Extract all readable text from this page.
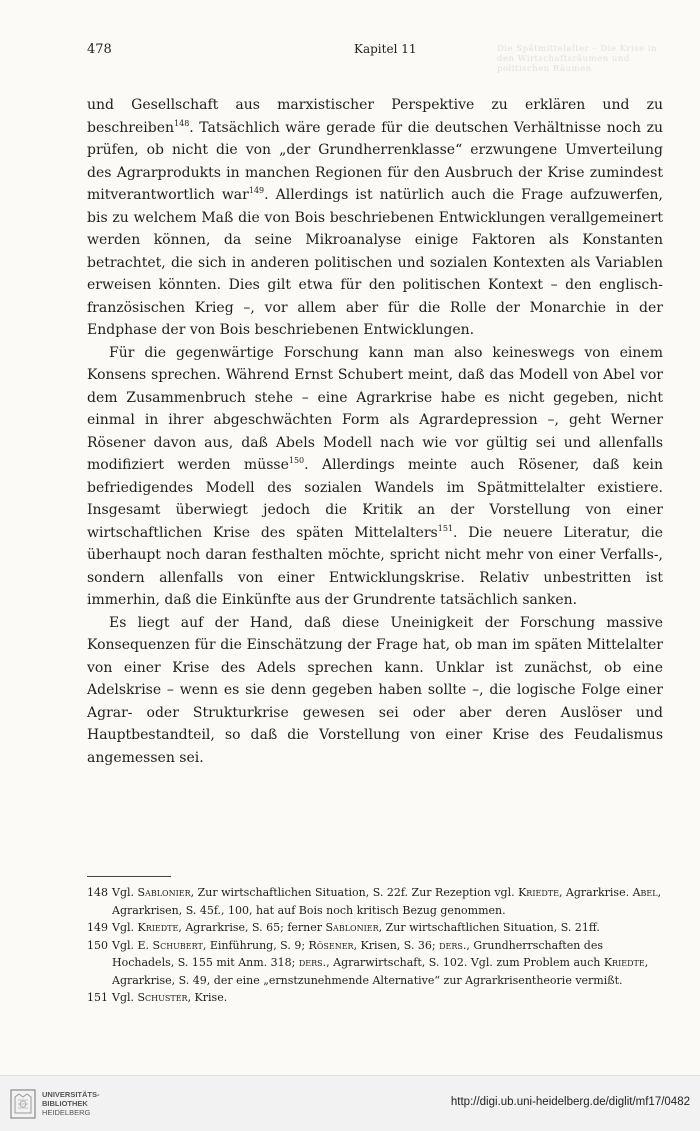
478	Kapitel 11	Die Spätmittelalter – Die Krise in den Wirtschaftsräumen und politischen Räumen

und Gesellschaft aus marxistischer Perspektive zu erklären und zu beschreiben$^{148}$. Tatsächlich wäre gerade für die deutschen Verhältnisse noch zu prüfen, ob nicht die von „der Grundherrenklasse“ erzwungene Umverteilung des Agrarprodukts in manchen Regionen für den Ausbruch der Krise zumindest mitverantwortlich war$^{149}$. Allerdings ist natürlich auch die Frage aufzuwerfen, bis zu welchem Maß die von Bois beschriebenen Entwicklungen verallgemeinert werden können, da seine Mikroanalyse einige Faktoren als Konstanten betrachtet, die sich in anderen politischen und sozialen Kontexten als Variablen erweisen könnten. Dies gilt etwa für den politischen Kontext – den englisch-französischen Krieg –, vor allem aber für die Rolle der Monarchie in der Endphase der von Bois beschriebenen Entwicklungen.

Für die gegenwärtige Forschung kann man also keineswegs von einem Konsens sprechen. Während Ernst Schubert meint, daß das Modell von Abel vor dem Zusammenbruch stehe – eine Agrarkrise habe es nicht gegeben, nicht einmal in ihrer abgeschwächten Form als Agrardepression –, geht Werner Rösener davon aus, daß Abels Modell nach wie vor gültig sei und allenfalls modifiziert werden müsse$^{150}$. Allerdings meinte auch Rösener, daß kein befriedigendes Modell des sozialen Wandels im Spätmittelalter existiere. Insgesamt überwiegt jedoch die Kritik an der Vorstellung von einer wirtschaftlichen Krise des späten Mittelalters$^{151}$. Die neuere Literatur, die überhaupt noch daran festhalten möchte, spricht nicht mehr von einer Verfalls-, sondern allenfalls von einer Entwicklungskrise. Relativ unbestritten ist immerhin, daß die Einkünfte aus der Grundrente tatsächlich sanken.

Es liegt auf der Hand, daß diese Uneinigkeit der Forschung massive Konsequenzen für die Einschätzung der Frage hat, ob man im späten Mittelalter von einer Krise des Adels sprechen kann. Unklar ist zunächst, ob eine Adelskrise – wenn es sie denn gegeben haben sollte –, die logische Folge einer Agrar- oder Strukturkrise gewesen sei oder aber deren Auslöser und Hauptbestandteil, so daß die Vorstellung von einer Krise des Feudalismus angemessen sei.

148 Vgl. Sablonier, Zur wirtschaftlichen Situation, S. 22f. Zur Rezeption vgl. Kriedte, Agrarkrise. Abel, Agrarkrisen, S. 45f., 100, hat auf Bois noch kritisch Bezug genommen.
149 Vgl. Kriedte, Agrarkrise, S. 65; ferner Sablonier, Zur wirtschaftlichen Situation, S. 21ff.
150 Vgl. E. Schubert, Einführung, S. 9; Rösener, Krisen, S. 36; ders., Grundherrschaften des Hochadels, S. 155 mit Anm. 318; ders., Agrarwirtschaft, S. 102. Vgl. zum Problem auch Kriedte, Agrarkrise, S. 49, der eine „ernstzunehmende Alternative“ zur Agrarkrisentheorie vermißt.
151 Vgl. Schuster, Krise.
UNIVERSITÄTS-
BIBLIOTHEK
HEIDELBERG
http://digi.ub.uni-heidelberg.de/diglit/mf17/0482
